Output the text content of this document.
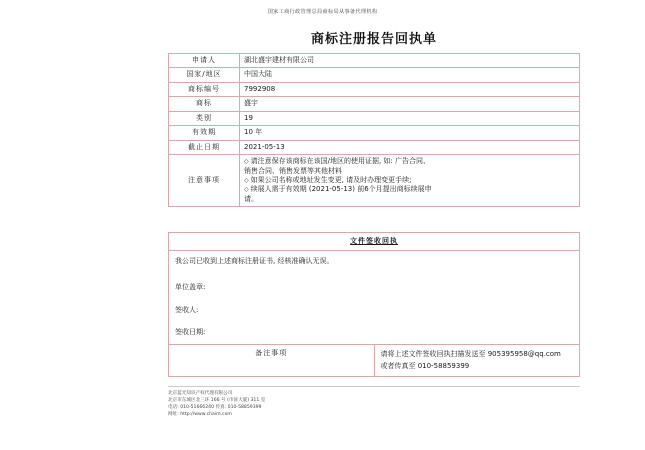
国家工商行政管理总局商标局从事备代理机构
商标注册报告回执单
申请人	湖北盛宇建材有限公司
国家/地区	中国大陆
商标编号	7992908
商标	盛宇
类别	19
有效期	10 年
截止日期	2021-05-13
注意事项	◇ 请注意保存该商标在该国/地区的使用证据, 如: 广告合同、
销售合同、销售发票等其他材料
◇ 如果公司名称或地址发生变更, 请及时办理变更手续;
◇ 续展人需于有效期 (2021-05-13) 前6个月提出商标续展申
请。
文件签收回执

我公司已收到上述商标注册证书, 经核准确认无误。
单位盖章:
签收人:
签收日期:

备注事项	请将上述文件签收回执扫描发送至 905395958@qq.com
或者传真至 010-58859399
北京蓝光知识产权代理有限公司
北京市东城区北三环 166 号 (市诉大厦) 311 室
电话: 010-51666240 传真: 010-58859399
网址: http://www.chaim.com
